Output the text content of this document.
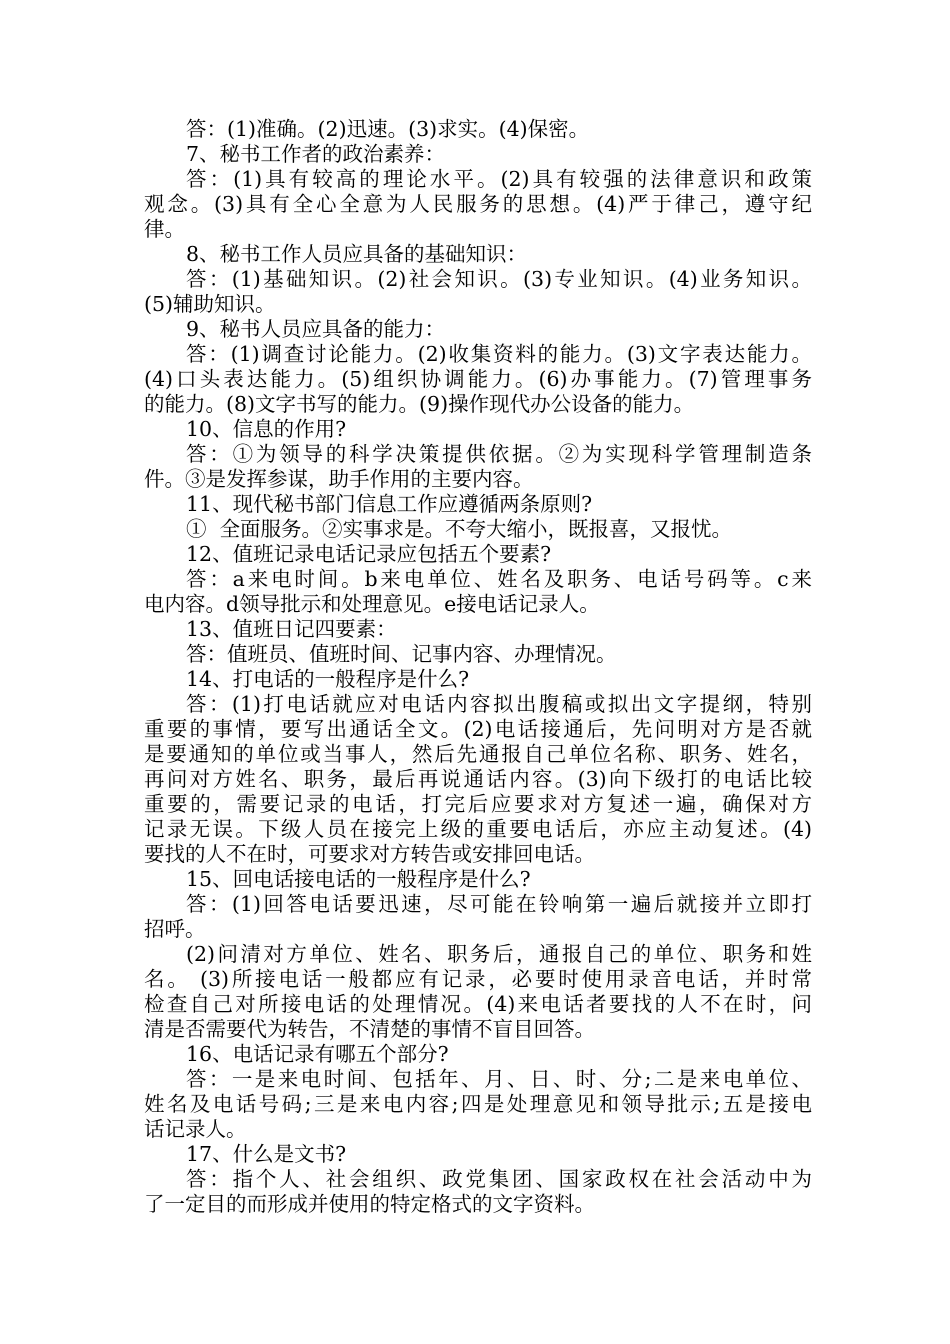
答：(1)准确。(2)迅速。(3)求实。(4)保密。
7、秘书工作者的政治素养：
答：(1)具有较高的理论水平。(2)具有较强的法律意识和政策
观念。(3)具有全心全意为人民服务的思想。(4)严于律己，遵守纪
律。
8、秘书工作人员应具备的基础知识：
答：(1)基础知识。(2)社会知识。(3)专业知识。(4)业务知识。
(5)辅助知识。
9、秘书人员应具备的能力：
答：(1)调查讨论能力。(2)收集资料的能力。(3)文字表达能力。
(4)口头表达能力。(5)组织协调能力。(6)办事能力。(7)管理事务
的能力。(8)文字书写的能力。(9)操作现代办公设备的能力。
10、信息的作用?
答：①为领导的科学决策提供依据。②为实现科学管理制造条
件。③是发挥参谋，助手作用的主要内容。
11、现代秘书部门信息工作应遵循两条原则?
①  全面服务。②实事求是。不夸大缩小，既报喜，又报忧。
12、值班记录电话记录应包括五个要素?
答：a来电时间。b来电单位、姓名及职务、电话号码等。c来
电内容。d领导批示和处理意见。e接电话记录人。
13、值班日记四要素：
答：值班员、值班时间、记事内容、办理情况。
14、打电话的一般程序是什么?
答：(1)打电话就应对电话内容拟出腹稿或拟出文字提纲，特别
重要的事情，要写出通话全文。(2)电话接通后，先问明对方是否就
是要通知的单位或当事人，然后先通报自己单位名称、职务、姓名，
再问对方姓名、职务，最后再说通话内容。(3)向下级打的电话比较
重要的，需要记录的电话，打完后应要求对方复述一遍，确保对方
记录无误。下级人员在接完上级的重要电话后，亦应主动复述。(4)
要找的人不在时，可要求对方转告或安排回电话。
15、回电话接电话的一般程序是什么?
答：(1)回答电话要迅速，尽可能在铃响第一遍后就接并立即打
招呼。
(2)问清对方单位、姓名、职务后，通报自己的单位、职务和姓
名。 (3)所接电话一般都应有记录，必要时使用录音电话，并时常
检查自己对所接电话的处理情况。(4)来电话者要找的人不在时，问
清是否需要代为转告，不清楚的事情不盲目回答。
16、电话记录有哪五个部分?
答：一是来电时间、包括年、月、日、时、分;二是来电单位、
姓名及电话号码;三是来电内容;四是处理意见和领导批示;五是接电
话记录人。
17、什么是文书?
答：指个人、社会组织、政党集团、国家政权在社会活动中为
了一定目的而形成并使用的特定格式的文字资料。
